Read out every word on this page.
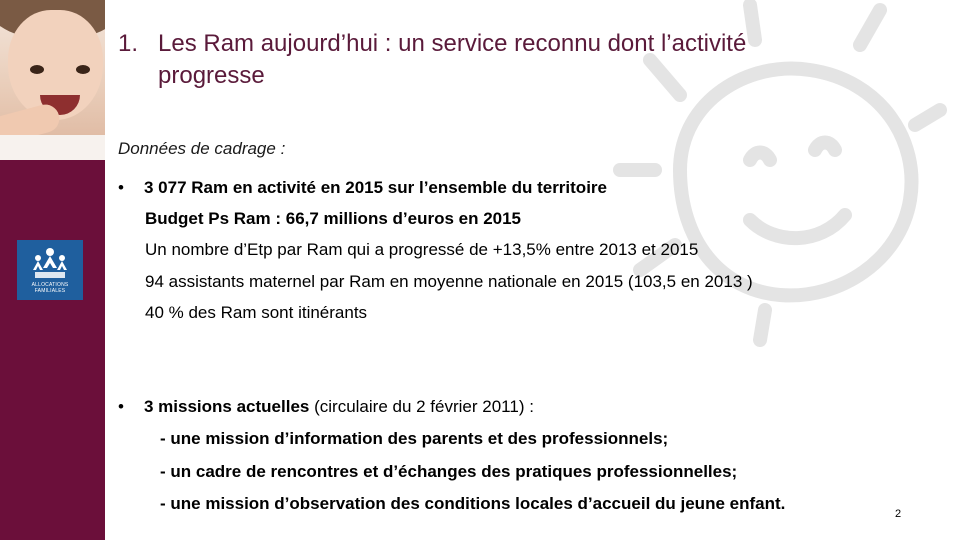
ALLOCATIONS
FAMILIALES
1. Les Ram aujourd’hui : un service reconnu dont l’activité
progresse
Données de cadrage :
• 3 077 Ram en activité en 2015 sur l’ensemble du territoire
Budget Ps Ram : 66,7 millions d’euros en 2015
Un nombre d’Etp par Ram qui a progressé de +13,5% entre 2013 et 2015
94 assistants maternel par Ram en moyenne nationale en 2015 (103,5 en 2013 )
40 % des Ram sont itinérants
• 3 missions actuelles (circulaire du 2 février 2011) :
- une mission d’information des parents et des professionnels;
- un cadre de rencontres et d’échanges des pratiques professionnelles;
- une mission d’observation des conditions locales d’accueil du jeune enfant.
2
